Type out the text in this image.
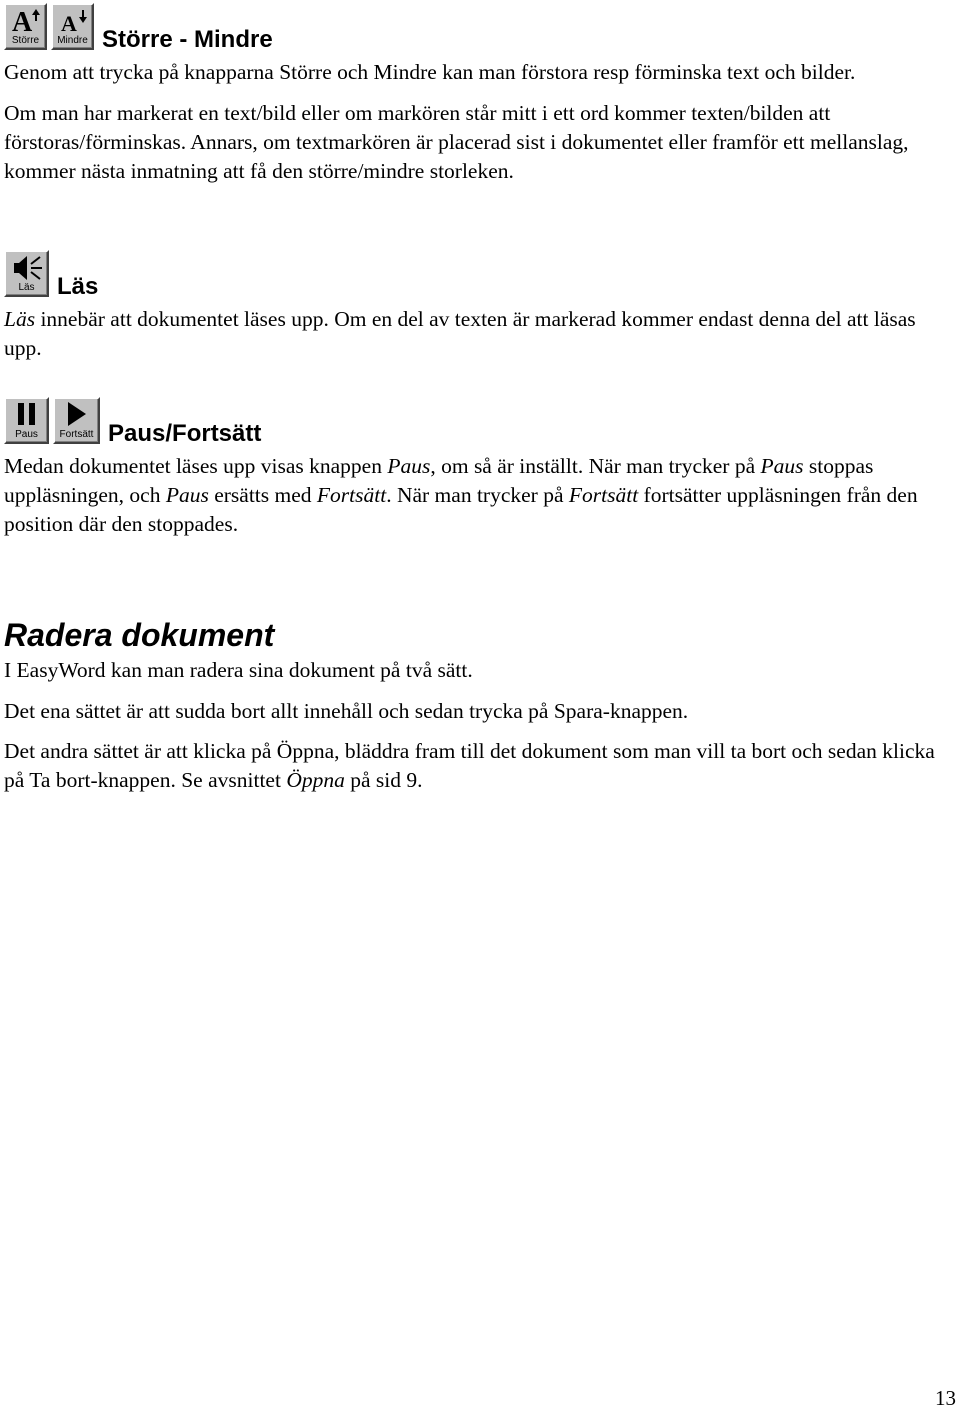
A
Större
A
Mindre Större - Mindre

Genom att trycka på knapparna Större och Mindre kan man förstora resp förminska text och bilder.

Om man har markerat en text/bild eller om markören står mitt i ett ord kommer texten/bilden att förstoras/förminskas. Annars, om textmarkören är placerad sist i dokumentet eller framför ett mellanslag, kommer nästa inmatning att få den större/mindre storleken.

Läs Läs

Läs innebär att dokumentet läses upp. Om en del av texten är markerad kommer endast denna del att läsas upp.

Paus	Fortsätt Paus/Fortsätt

Medan dokumentet läses upp visas knappen Paus, om så är inställt. När man trycker på Paus stoppas uppläsningen, och Paus ersätts med Fortsätt. När man trycker på Fortsätt fortsätter uppläsningen från den position där den stoppades.

Radera dokument

I EasyWord kan man radera sina dokument på två sätt.

Det ena sättet är att sudda bort allt innehåll och sedan trycka på Spara-knappen.

Det andra sättet är att klicka på Öppna, bläddra fram till det dokument som man vill ta bort och sedan klicka på Ta bort-knappen. Se avsnittet Öppna på sid 9.

13
